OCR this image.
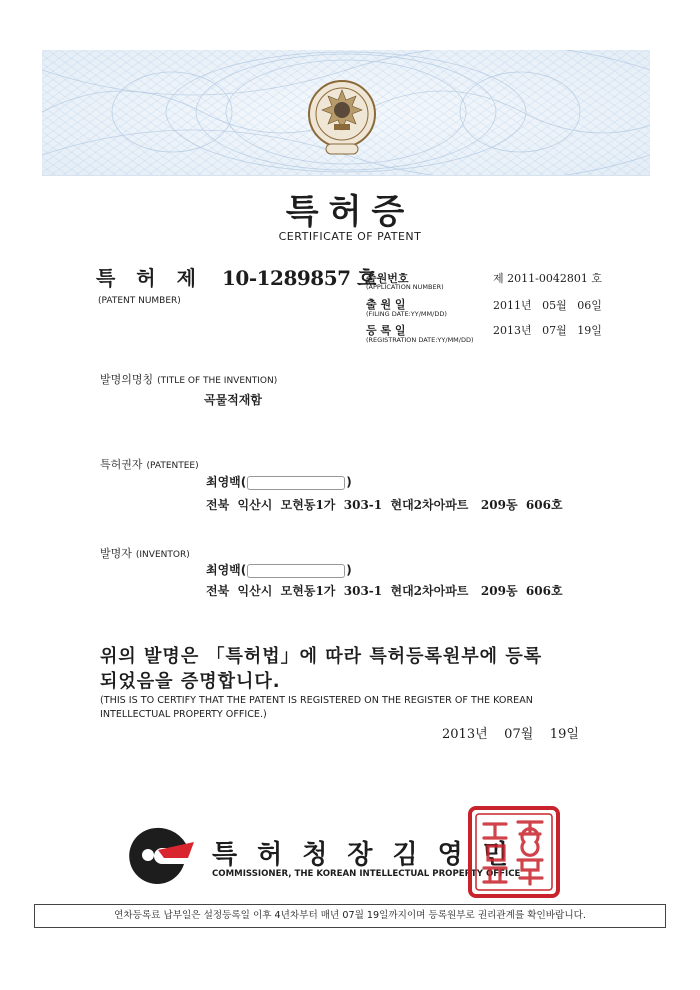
특허증
CERTIFICATE OF PATENT
특 허 제 10-1289857 호
(PATENT NUMBER)
출원번호
(APPLICATION NUMBER)
제 2011-0042801 호
출 원 일
(FILING DATE:YY/MM/DD)
2011년   05월   06일
등 록 일
(REGISTRATION DATE:YY/MM/DD)
2013년   07월   19일
발명의명칭 (TITLE OF THE INVENTION)
곡물적재함
특허권자 (PATENTEE)
최영백(	)
전북  익산시  모현동1가  303-1  현대2차아파트   209동  606호
발명자 (INVENTOR)
최영백(	)
전북  익산시  모현동1가  303-1  현대2차아파트   209동  606호
위의 발명은 「특허법」에 따라 특허등록원부에 등록
되었음을 증명합니다.
(THIS IS TO CERTIFY THAT THE PATENT IS REGISTERED ON THE REGISTER OF THE KOREAN INTELLECTUAL PROPERTY OFFICE.)
2013년    07월    19일
특허청장김영민
COMMISSIONER, THE KOREAN INTELLECTUAL PROPERTY OFFICE
연차등록료 납부일은 설정등록일 이후 4년차부터 매년 07월 19일까지이며 등록원부로 권리관계를 확인바랍니다.
